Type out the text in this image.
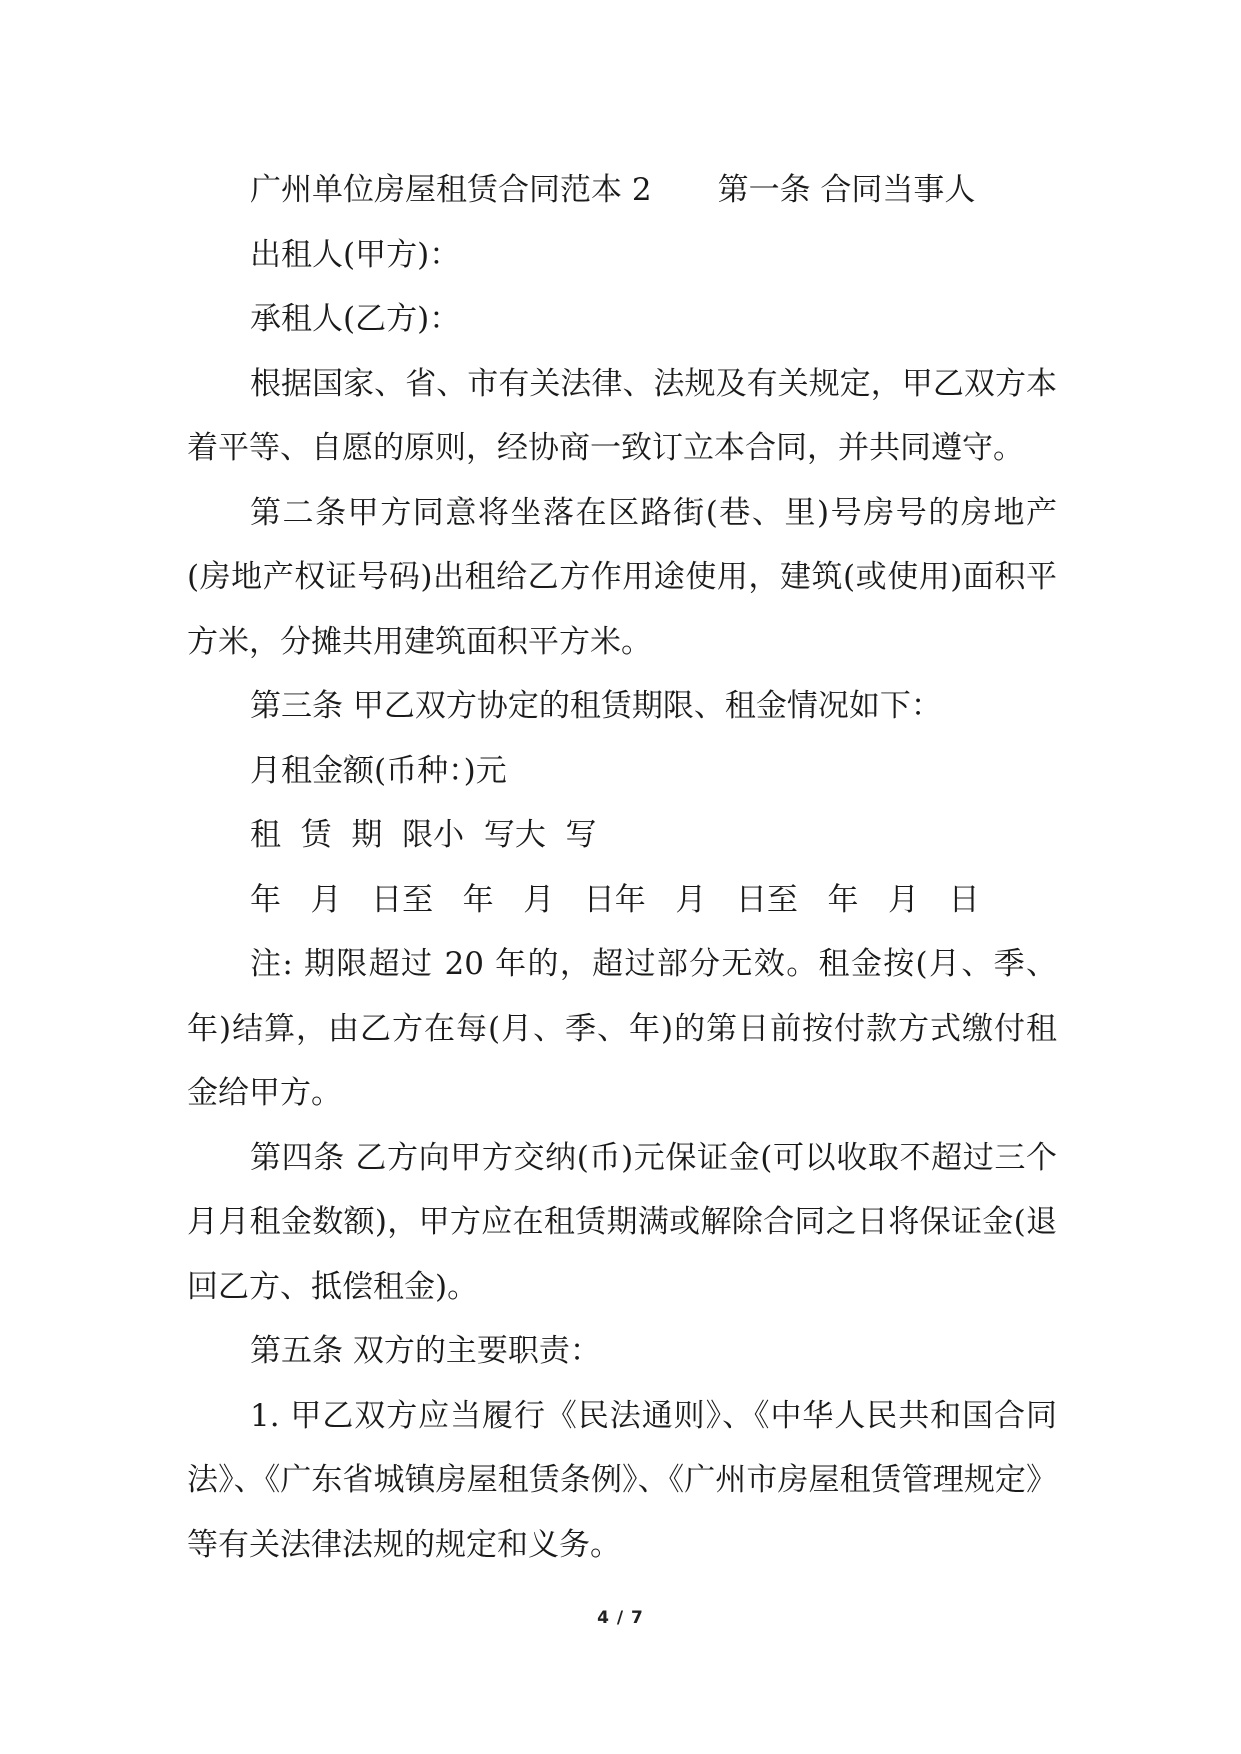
广州单位房屋租赁合同范本 2 第一条 合同当事人

出租人(甲方)：

承租人(乙方)：

根据国家、省、市有关法律、法规及有关规定，甲乙双方本着平等、自愿的原则，经协商一致订立本合同，并共同遵守。

第二条甲方同意将坐落在区路街(巷、里)号房号的房地产(房地产权证号码)出租给乙方作用途使用，建筑(或使用)面积平方米，分摊共用建筑面积平方米。

第三条 甲乙双方协定的租赁期限、租金情况如下：

月租金额(币种：)元

租  赁  期  限小  写大  写

年   月   日至   年   月   日年   月   日至   年   月   日

注: 期限超过 20 年的，超过部分无效。租金按(月、季、年)结算，由乙方在每(月、季、年)的第日前按付款方式缴付租金给甲方。

第四条 乙方向甲方交纳(币)元保证金(可以收取不超过三个月月租金数额)，甲方应在租赁期满或解除合同之日将保证金(退回乙方、抵偿租金)。

第五条 双方的主要职责：

1. 甲乙双方应当履行《民法通则》、《中华人民共和国合同法》、《广东省城镇房屋租赁条例》、《广州市房屋租赁管理规定》等有关法律法规的规定和义务。

4 / 7
